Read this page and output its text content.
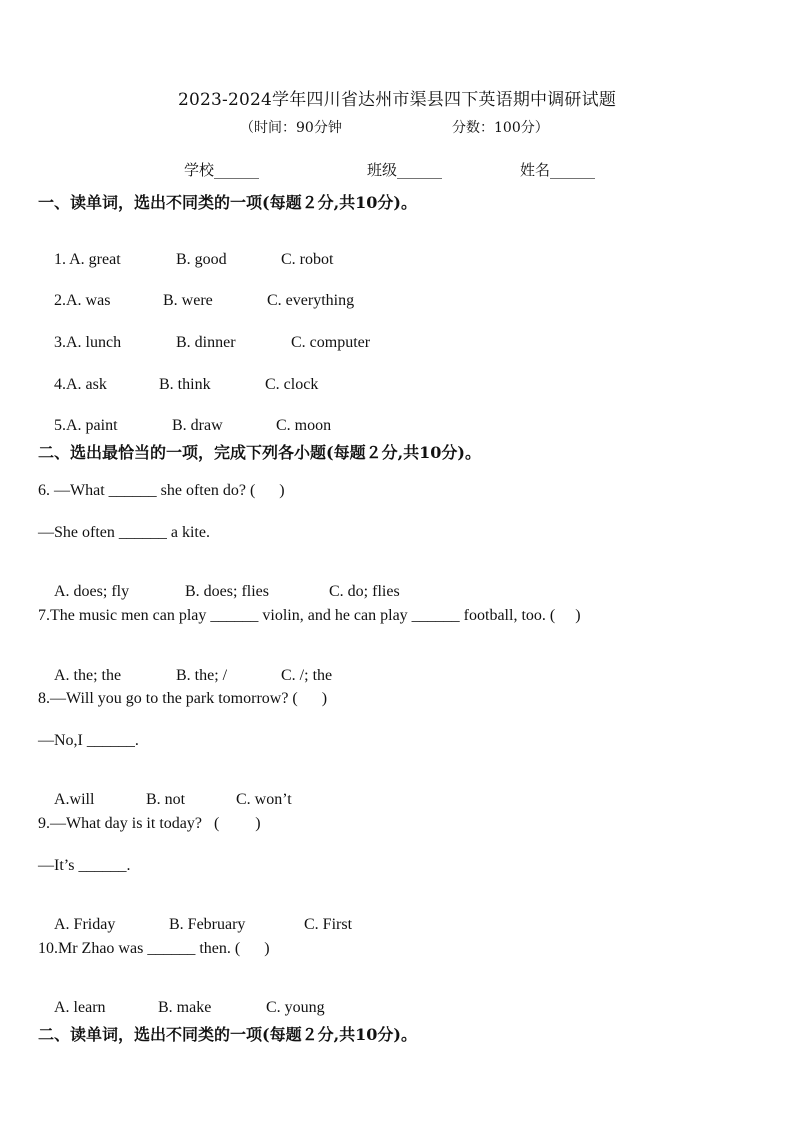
2023-2024学年四川省达州市渠县四下英语期中调研试题
（时间：90分钟	分数：100分）
学校______	班级______	姓名______
一、读单词，选出不同类的一项(每题２分,共10分)。

1. A. great	B. good	C. robot

2.A. was	B. were	C. everything

3.A. lunch	B. dinner	C. computer

4.A. ask	B. think	C. clock

5.A. paint	B. draw	C. moon

二、选出最恰当的一项，完成下列各小题(每题２分,共10分)。
6. —What ______ she often do? (      )
—She often ______ a kite.

A. does; fly	B. does; flies	C. do; flies

7.The music men can play ______ violin, and he can play ______ football, too. (     )

A. the; the	B. the; /	C. /; the

8.—Will you go to the park tomorrow? (      )
—No,I ______.

A.will	B. not	C. won’t

9.—What day is it today?   (         )
—It’s ______.

A. Friday	B. February	C. First

10.Mr Zhao was ______ then. (      )

A. learn	B. make	C. young

二、读单词，选出不同类的一项(每题２分,共10分)。
